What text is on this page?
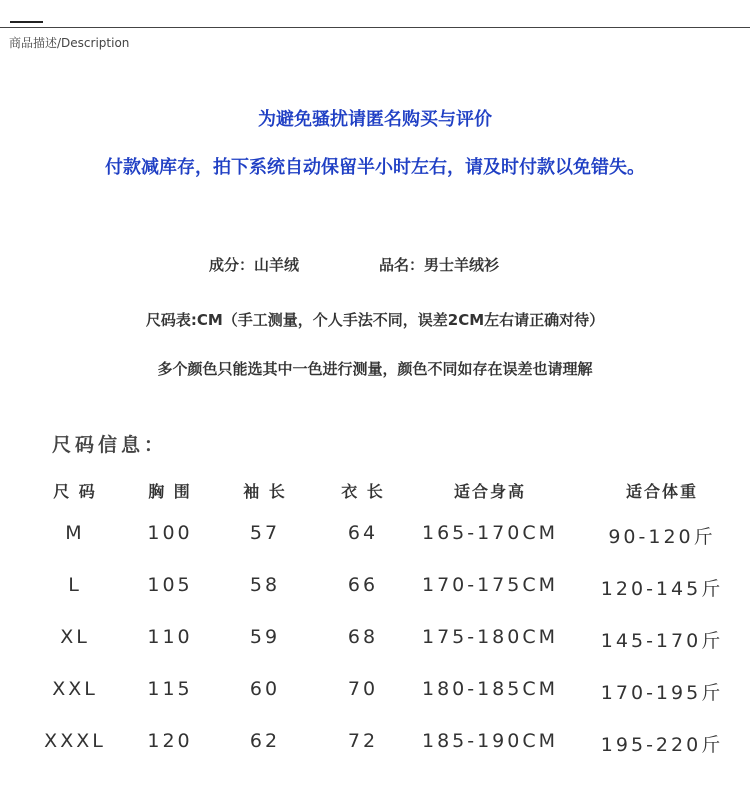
商品描述/Description
为避免骚扰请匿名购买与评价
付款减库存，拍下系统自动保留半小时左右，请及时付款以免错失。
成分：山羊绒	品名：男士羊绒衫
尺码表:CM（手工测量，个人手法不同，误差2CM左右请正确对待）
多个颜色只能选其中一色进行测量，颜色不同如存在误差也请理解
尺码信息：
尺 码	胸 围	袖 长	衣 长	适合身高	适合体重
M	100	57	64 165-170CM	90-120斤
L	105	58	66 170-175CM 120-145斤
XL	110	59	68 175-180CM 145-170斤
XXL	115	60	70 180-185CM 170-195斤
XXXL 120	62	72 185-190CM 195-220斤
